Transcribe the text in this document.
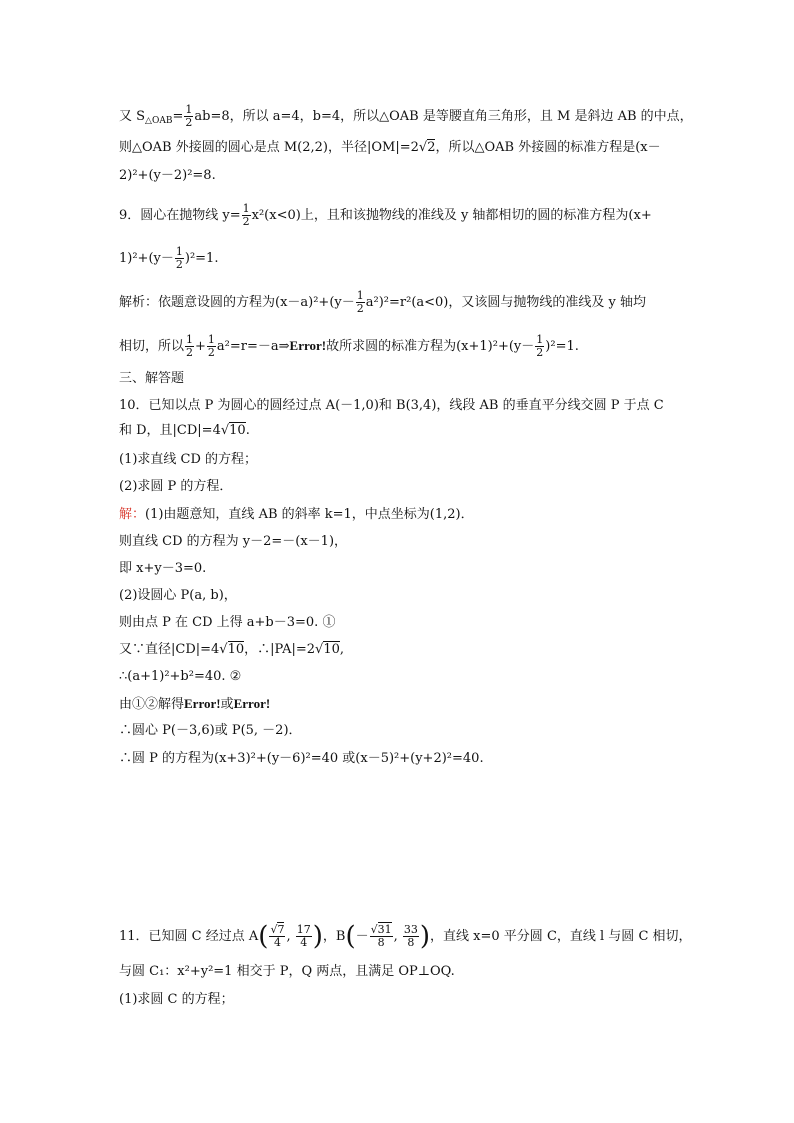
又 $S_{\triangle OAB}= \frac{1}{2} ab=8$，所以 a=4，b=4，所以△OAB 是等腰直角三角形，且 M 是斜边 AB 的中点，
则△OAB 外接圆的圆心是点 M(2,2)，半径|OM|=2√2，所以△OAB 外接圆的标准方程是(x－
2)²+(y－2)²=8.
9．圆心在抛物线 $y= \frac{1}{2} x^2(x<0)$上，且和该抛物线的准线及 y 轴都相切的圆的标准方程为(x+
$1)^2+(y- \frac{1}{2} )^2=1$.
解析：依题意设圆的方程为$(x-a)^2+(y- \frac{1}{2} a^2)^2=r^2(a<0)$，又该圆与抛物线的准线及 y 轴均
相切，所以 $\frac{1}{2} + \frac{1}{2}$ a²=r=－a⇒Error!故所求圆的标准方程为$(x+1)^2+(y- \frac{1}{2} )^2=1$.
三、解答题
10．已知以点 P 为圆心的圆经过点 A(－1,0)和 B(3,4)，线段 AB 的垂直平分线交圆 P 于点 C
和 D，且|CD|=4√10.
(1)求直线 CD 的方程；
(2)求圆 P 的方程．
解：(1)由题意知，直线 AB 的斜率 k=1，中点坐标为(1,2)．
则直线 CD 的方程为 y－2=－(x－1)，
即 x+y－3=0.
(2)设圆心 P(a, b)，
则由点 P 在 CD 上得 a+b－3=0. ①
又∵直径|CD|=4√10，∴|PA|=2√10,
∴(a+1)²+b²=40. ②
由①②解得Error!或Error!
∴圆心 P(－3,6)或 P(5, －2)．
∴圆 P 的方程为(x+3)²+(y－6)²=40 或(x－5)²+(y+2)²=40.
11．已知圆 C 经过点 $A( \frac{√7}{4}$ , $\frac{17}{4}$ )，$B(- \frac{√31}{8}$ , $\frac{33}{8}$ )，直线 x=0 平分圆 C，直线 l 与圆 C 相切，
与圆 C₁：x²+y²=1 相交于 P，Q 两点，且满足 OP⊥OQ.
(1)求圆 C 的方程；
